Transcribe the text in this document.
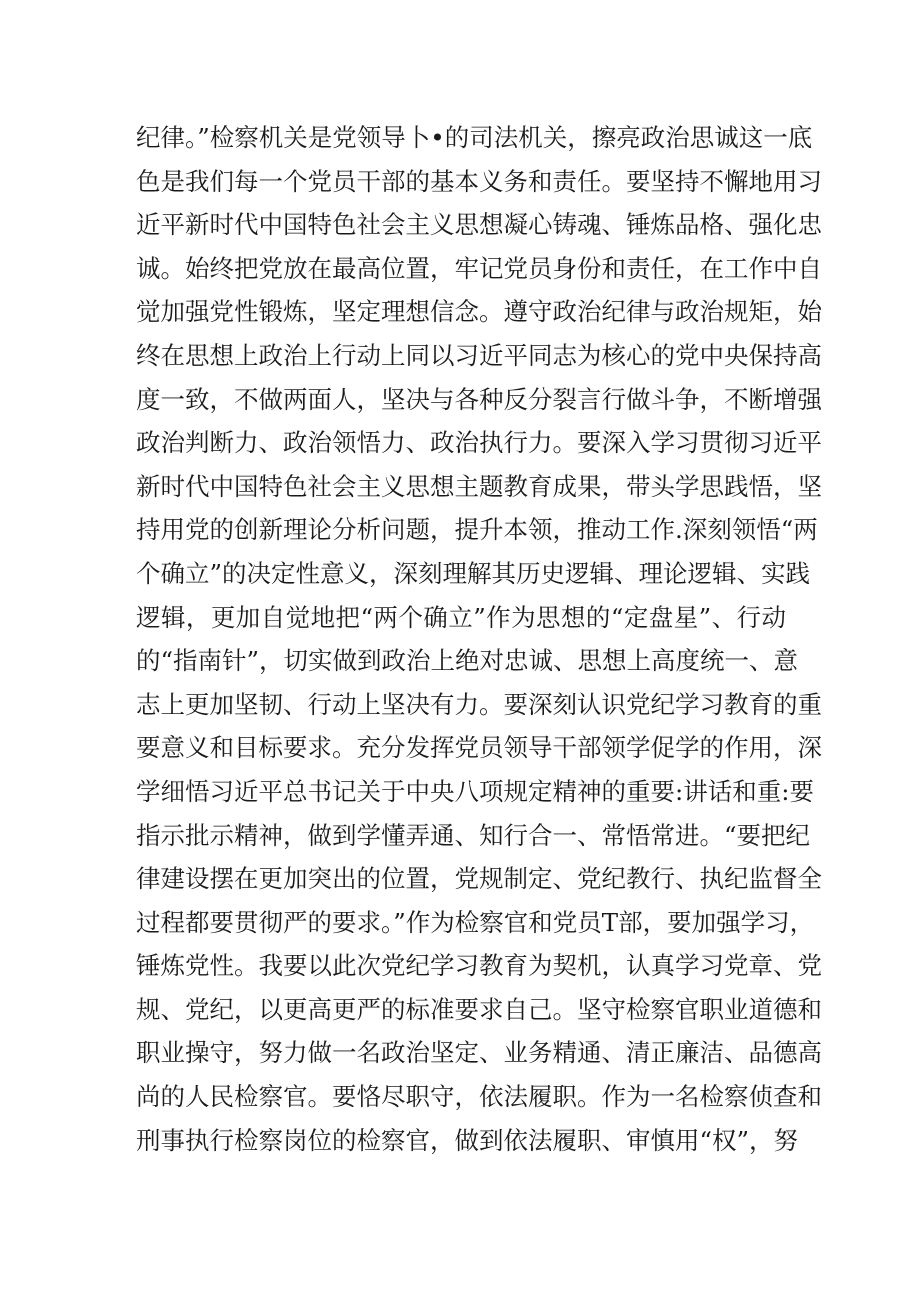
纪律。”检察机关是党领导卜•的司法机关，擦亮政治思诚这一底
色是我们每一个党员干部的基本义务和责任。要坚持不懈地用习
近平新时代中国特色社会主义思想凝心铸魂、锤炼品格、强化忠
诚。始终把党放在最高位置，牢记党员身份和责任，在工作中自
觉加强党性锻炼，坚定理想信念。遵守政治纪律与政治规矩，始
终在思想上政治上行动上同以习近平同志为核心的党中央保持高
度一致，不做两面人，坚决与各种反分裂言行做斗争，不断增强
政治判断力、政治领悟力、政治执行力。要深入学习贯彻习近平
新时代中国特色社会主义思想主题教育成果，带头学思践悟，坚
持用党的创新理论分析问题，提升本领，推动工作.深刻领悟“两
个确立”的决定性意义，深刻理解其历史逻辑、理论逻辑、实践
逻辑，更加自觉地把“两个确立”作为思想的“定盘星”、行动
的“指南针”，切实做到政治上绝对忠诚、思想上高度统一、意
志上更加坚韧、行动上坚决有力。要深刻认识党纪学习教育的重
要意义和目标要求。充分发挥党员领导干部领学促学的作用，深
学细悟习近平总书记关于中央八项规定精神的重要:讲话和重:要
指示批示精神，做到学懂弄通、知行合一、常悟常进。“要把纪
律建设摆在更加突出的位置，党规制定、党纪教行、执纪监督全
过程都要贯彻严的要求。”作为检察官和党员T部，要加强学习，
锤炼党性。我要以此次党纪学习教育为契机，认真学习党章、党
规、党纪，以更高更严的标准要求自己。坚守检察官职业道德和
职业操守，努力做一名政治坚定、业务精通、清正廉洁、品德高
尚的人民检察官。要恪尽职守，依法履职。作为一名检察侦查和
刑事执行检察岗位的检察官，做到依法履职、审慎用“权”，努
